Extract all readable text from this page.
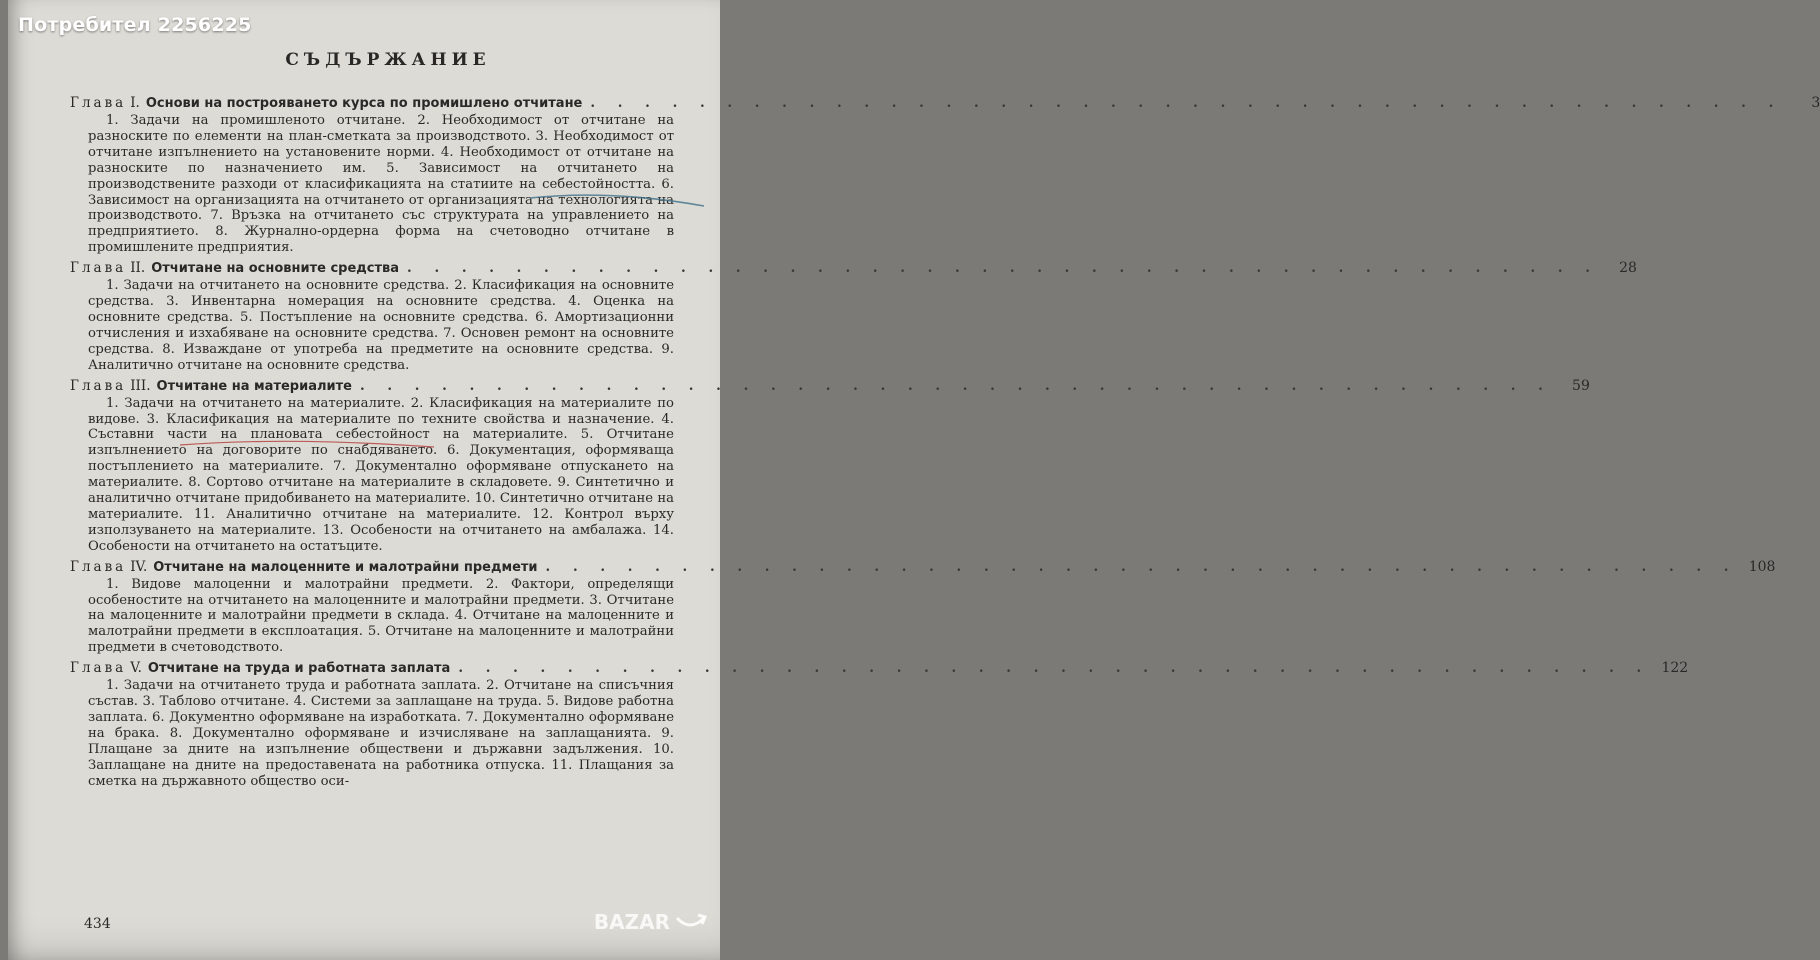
СЪДЪРЖАНИЕ
Глава I. Основи на построяването курса по промишлено отчитане . . . . . . . . . . . . . . . . . . . . . . . . . . . . . . . . . . . . . . . . . . . .	3
1. Задачи на промишленото отчитане. 2. Необходимост от отчитане на разноските по елементи на план-сметката за производството. 3. Необходимост от отчитане изпълнението на установените норми. 4. Необходимост от отчитане на разноските по назначението им. 5. Зависимост на отчитането на производствените разходи от класификацията на статиите на себестойността. 6. Зависимост на организацията на отчитането от организацията на технологията на производството. 7. Връзка на отчитането със структурата на управлението на предприятието. 8. Журнално-ордерна форма на счетоводно отчитане в промишлените предприятия.
Глава II. Отчитане на основните средства . . . . . . . . . . . . . . . . . . . . . . . . . . . . . . . . . . . . . . . . . . . .	28
1. Задачи на отчитането на основните средства. 2. Класификация на основните средства. 3. Инвентарна номерация на основните средства. 4. Оценка на основните средства. 5. Постъпление на основните средства. 6. Амортизационни отчисления и изхабяване на основните средства. 7. Основен ремонт на основните средства. 8. Изваждане от употреба на предметите на основните средства. 9. Аналитично отчитане на основните средства.
Глава III. Отчитане на материалите . . . . . . . . . . . . . . . . . . . . . . . . . . . . . . . . . . . . . . . . . . . .	59
1. Задачи на отчитането на материалите. 2. Класификация на материалите по видове. 3. Класификация на материалите по техните свойства и назначение. 4. Съставни части на плановата себестойност на материалите. 5. Отчитане изпълнението на договорите по снабдяването. 6. Документация, оформяваща постъплението на материалите. 7. Документално оформяване отпускането на материалите. 8. Сортово отчитане на материалите в складовете. 9. Синтетично и аналитично отчитане придобиването на материалите. 10. Синтетично отчитане на материалите. 11. Аналитично отчитане на материалите. 12. Контрол върху използуването на материалите. 13. Особености на отчитането на амбалажа. 14. Особености на отчитането на остатъците.
Глава IV. Отчитане на малоценните и малотрайни предмети . . . . . . . . . . . . . . . . . . . . . . . . . . . . . . . . . . . . . . . . . . . . 108
1. Видове малоценни и малотрайни предмети. 2. Фактори, определящи особеностите на отчитането на малоценните и малотрайни предмети. 3. Отчитане на малоценните и малотрайни предмети в склада. 4. Отчитане на малоценните и малотрайни предмети в експлоатация. 5. Отчитане на малоценните и малотрайни предмети в счетоводството.
Глава V. Отчитане на труда и работната заплата . . . . . . . . . . . . . . . . . . . . . . . . . . . . . . . . . . . . . . . . . . . . 122
1. Задачи на отчитането труда и работната заплата. 2. Отчитане на списъчния състав. 3. Таблово отчитане. 4. Системи за заплащане на труда. 5. Видове работна заплата. 6. Документно оформяване на изработката. 7. Документално оформяване на брака. 8. Документално оформяване и изчисляване на заплащанията. 9. Плащане за дните на изпълнение обществени и държавни задължения. 10. Заплащане на дните на предоставената на работника отпуска. 11. Плащания за сметка на държавното общество оси-
434
Потребител 2256225
BAZAR
